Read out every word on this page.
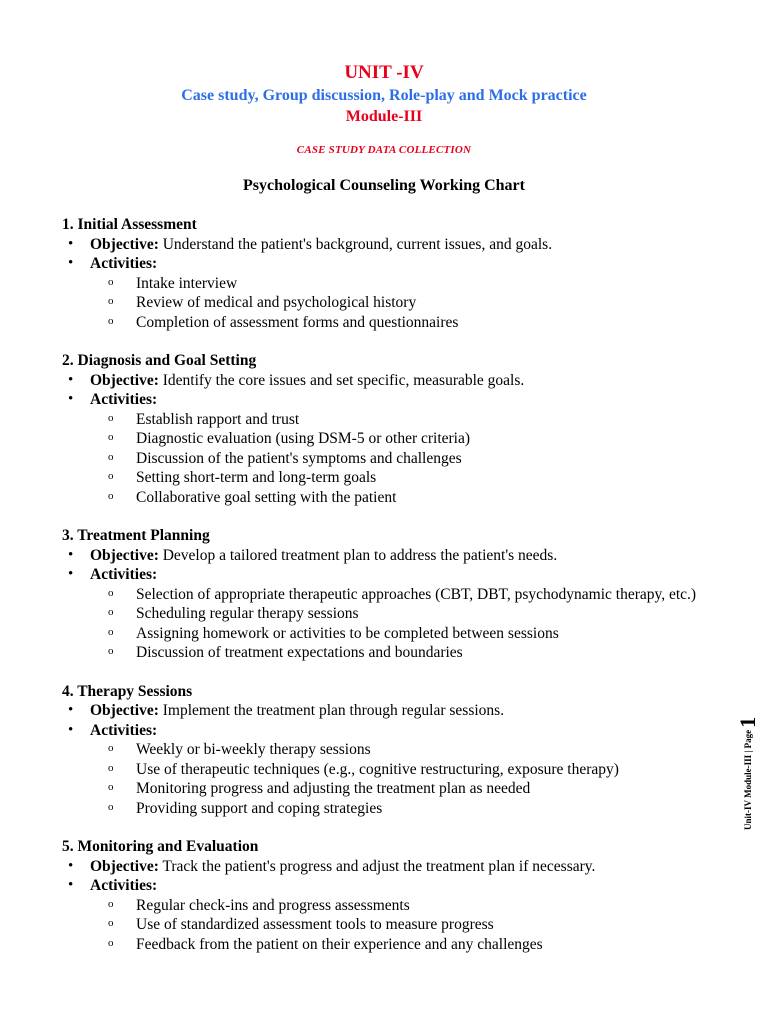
UNIT -IV
Case study, Group discussion, Role-play and Mock practice
Module-III
CASE STUDY DATA COLLECTION
Psychological Counseling Working Chart
1. Initial Assessment
• Objective: Understand the patient's background, current issues, and goals.
• Activities:
o Intake interview
o Review of medical and psychological history
o Completion of assessment forms and questionnaires
2. Diagnosis and Goal Setting
• Objective: Identify the core issues and set specific, measurable goals.
• Activities:
o Establish rapport and trust
o Diagnostic evaluation (using DSM-5 or other criteria)
o Discussion of the patient's symptoms and challenges
o Setting short-term and long-term goals
o Collaborative goal setting with the patient
3. Treatment Planning
• Objective: Develop a tailored treatment plan to address the patient's needs.
• Activities:
o Selection of appropriate therapeutic approaches (CBT, DBT, psychodynamic therapy, etc.)
o Scheduling regular therapy sessions
o Assigning homework or activities to be completed between sessions
o Discussion of treatment expectations and boundaries
4. Therapy Sessions
• Objective: Implement the treatment plan through regular sessions.
• Activities:
o Weekly or bi-weekly therapy sessions
o Use of therapeutic techniques (e.g., cognitive restructuring, exposure therapy)
o Monitoring progress and adjusting the treatment plan as needed
o Providing support and coping strategies
5. Monitoring and Evaluation
• Objective: Track the patient's progress and adjust the treatment plan if necessary.
• Activities:
o Regular check-ins and progress assessments
o Use of standardized assessment tools to measure progress
o Feedback from the patient on their experience and any challenges
Unit-IV Module-III | Page1
